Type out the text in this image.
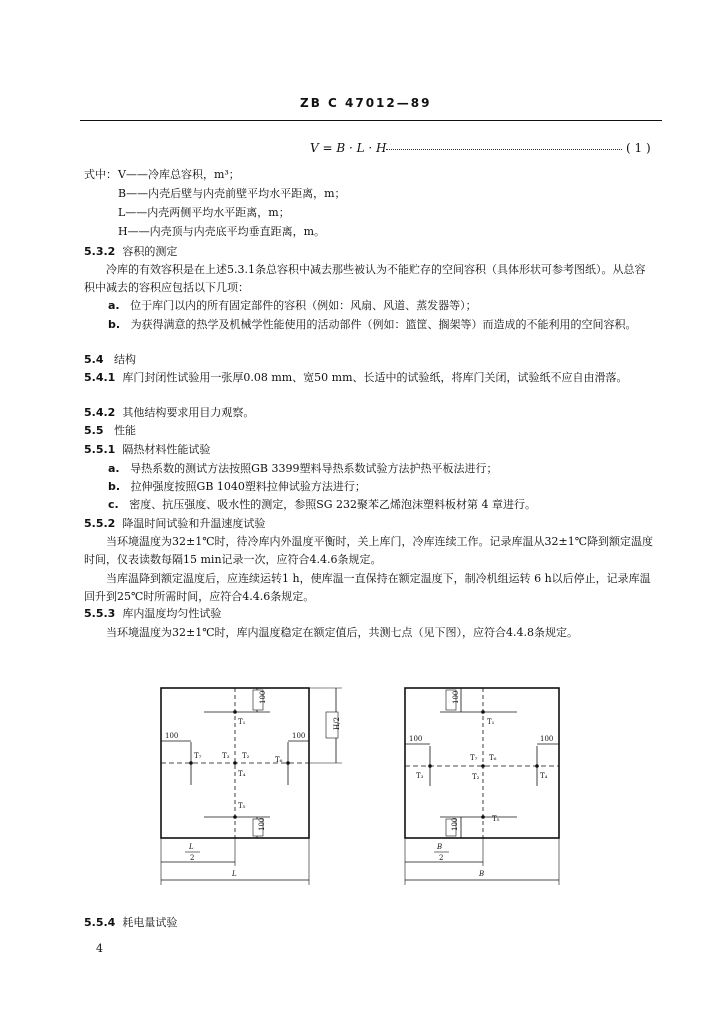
ZB C 47012—89
V = B · L · H	( 1 )
式中： V——冷库总容积，m³；
B——内壳后壁与内壳前壁平均水平距离，m；
L——内壳两侧平均水平距离，m；
H——内壳顶与内壳底平均垂直距离，m。
5.3.2 容积的测定
冷库的有效容积是在上述5.3.1条总容积中减去那些被认为不能贮存的空间容积（具体形状可参考图纸）。从总容积中减去的容积应包括以下几项：
a. 位于库门以内的所有固定部件的容积（例如：风扇、风道、蒸发器等）；
b. 为获得满意的热学及机械学性能使用的活动部件（例如：篮筐、搁架等）而造成的不能利用的空间容积。
5.4 结构
5.4.1 库门封闭性试验用一张厚0.08 mm、宽50 mm、长适中的试验纸，将库门关闭，试验纸不应自由滑落。
5.4.2 其他结构要求用目力观察。
5.5 性能
5.5.1 隔热材料性能试验
a. 导热系数的测试方法按照GB 3399塑料导热系数试验方法护热平板法进行；
b. 拉伸强度按照GB 1040塑料拉伸试验方法进行；
c. 密度、抗压强度、吸水性的测定，参照SG 232聚苯乙烯泡沫塑料板材第 4 章进行。
5.5.2 降温时间试验和升温速度试验
当环境温度为32±1℃时，待冷库内外温度平衡时，关上库门，冷库连续工作。记录库温从32±1℃降到额定温度时间，仪表读数每隔15 min记录一次，应符合4.4.6条规定。
当库温降到额定温度后，应连续运转1 h，使库温一直保持在额定温度下，制冷机组运转 6 h以后停止，记录库温回升到25℃时所需时间，应符合4.4.6条规定。
5.5.3 库内温度均匀性试验
当环境温度为32±1℃时，库内温度稳定在额定值后，共测七点（见下图），应符合4.4.8条规定。
100
100	100
100
H/2
T₁
T₇	T₃ T₂
T₄
T₆
T₅
L
2
L
100
100	100
100
T₁
T₇ T₆
T₃	T₂	T₄
T₅
B
2
B
5.5.4 耗电量试验
4
